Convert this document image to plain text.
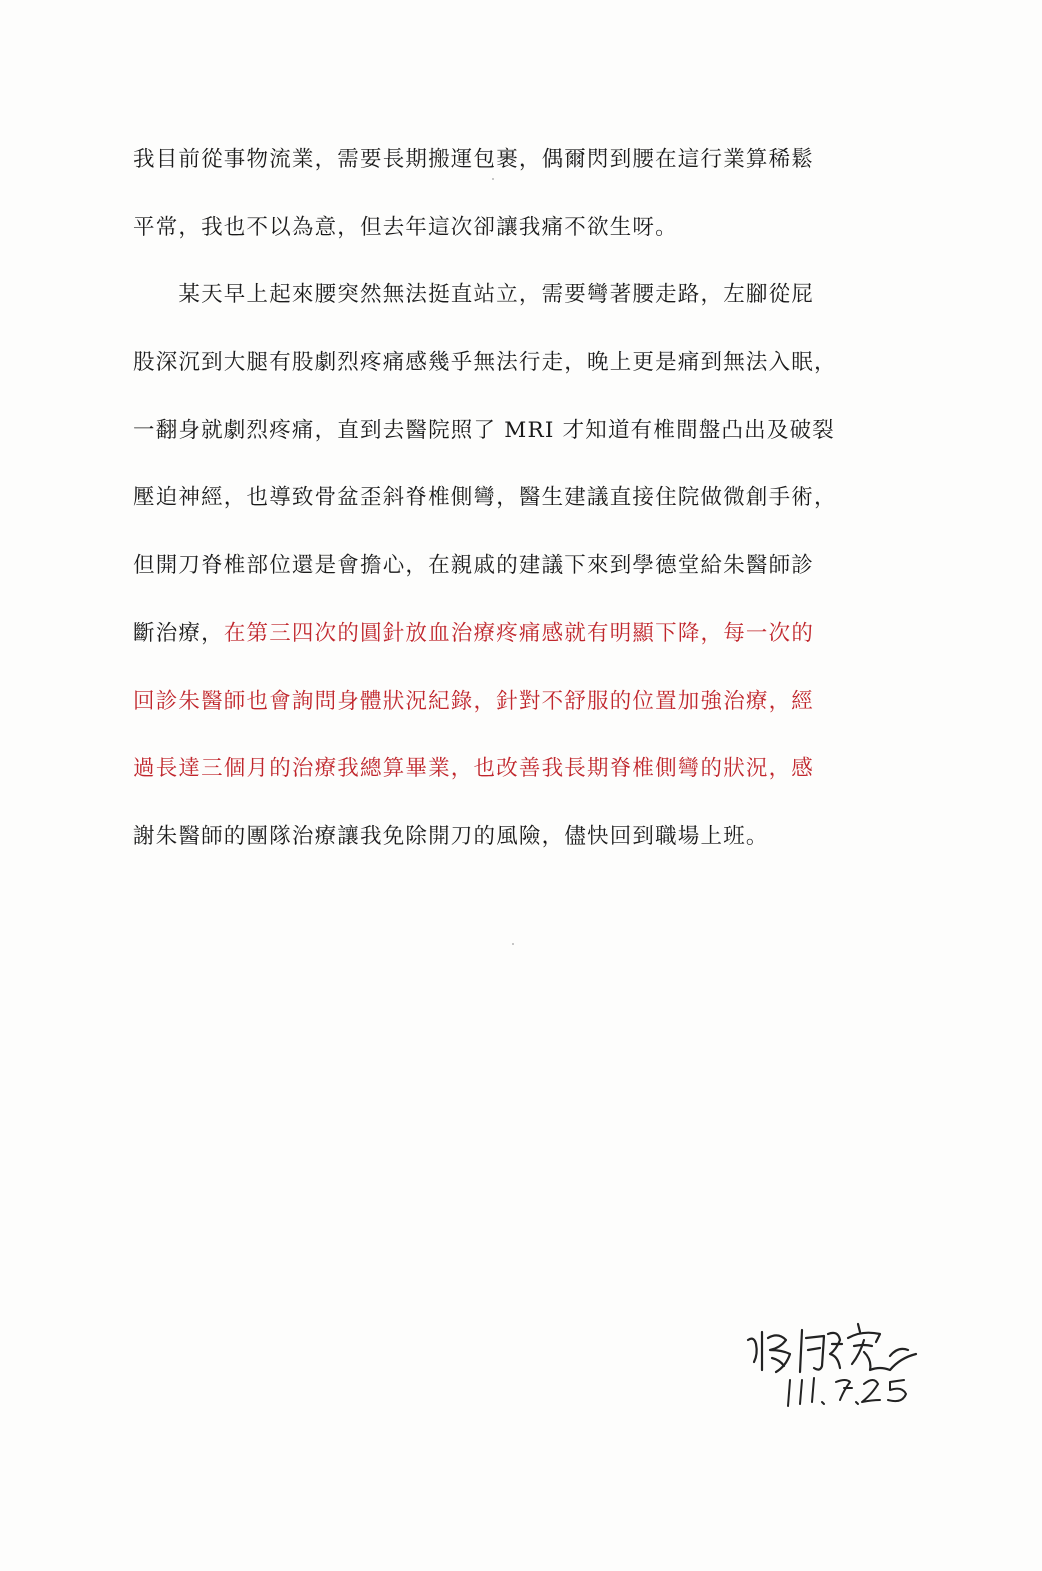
我目前從事物流業，需要長期搬運包裹，偶爾閃到腰在這行業算稀鬆
平常，我也不以為意，但去年這次卻讓我痛不欲生呀。
　　某天早上起來腰突然無法挺直站立，需要彎著腰走路，左腳從屁
股深沉到大腿有股劇烈疼痛感幾乎無法行走，晚上更是痛到無法入眠，
一翻身就劇烈疼痛，直到去醫院照了 MRI 才知道有椎間盤凸出及破裂
壓迫神經，也導致骨盆歪斜脊椎側彎，醫生建議直接住院做微創手術，
但開刀脊椎部位還是會擔心，在親戚的建議下來到學德堂給朱醫師診
斷治療，在第三四次的圓針放血治療疼痛感就有明顯下降，每一次的
回診朱醫師也會詢問身體狀況紀錄，針對不舒服的位置加強治療，經
過長達三個月的治療我總算畢業，也改善我長期脊椎側彎的狀況，感
謝朱醫師的團隊治療讓我免除開刀的風險，儘快回到職場上班。
